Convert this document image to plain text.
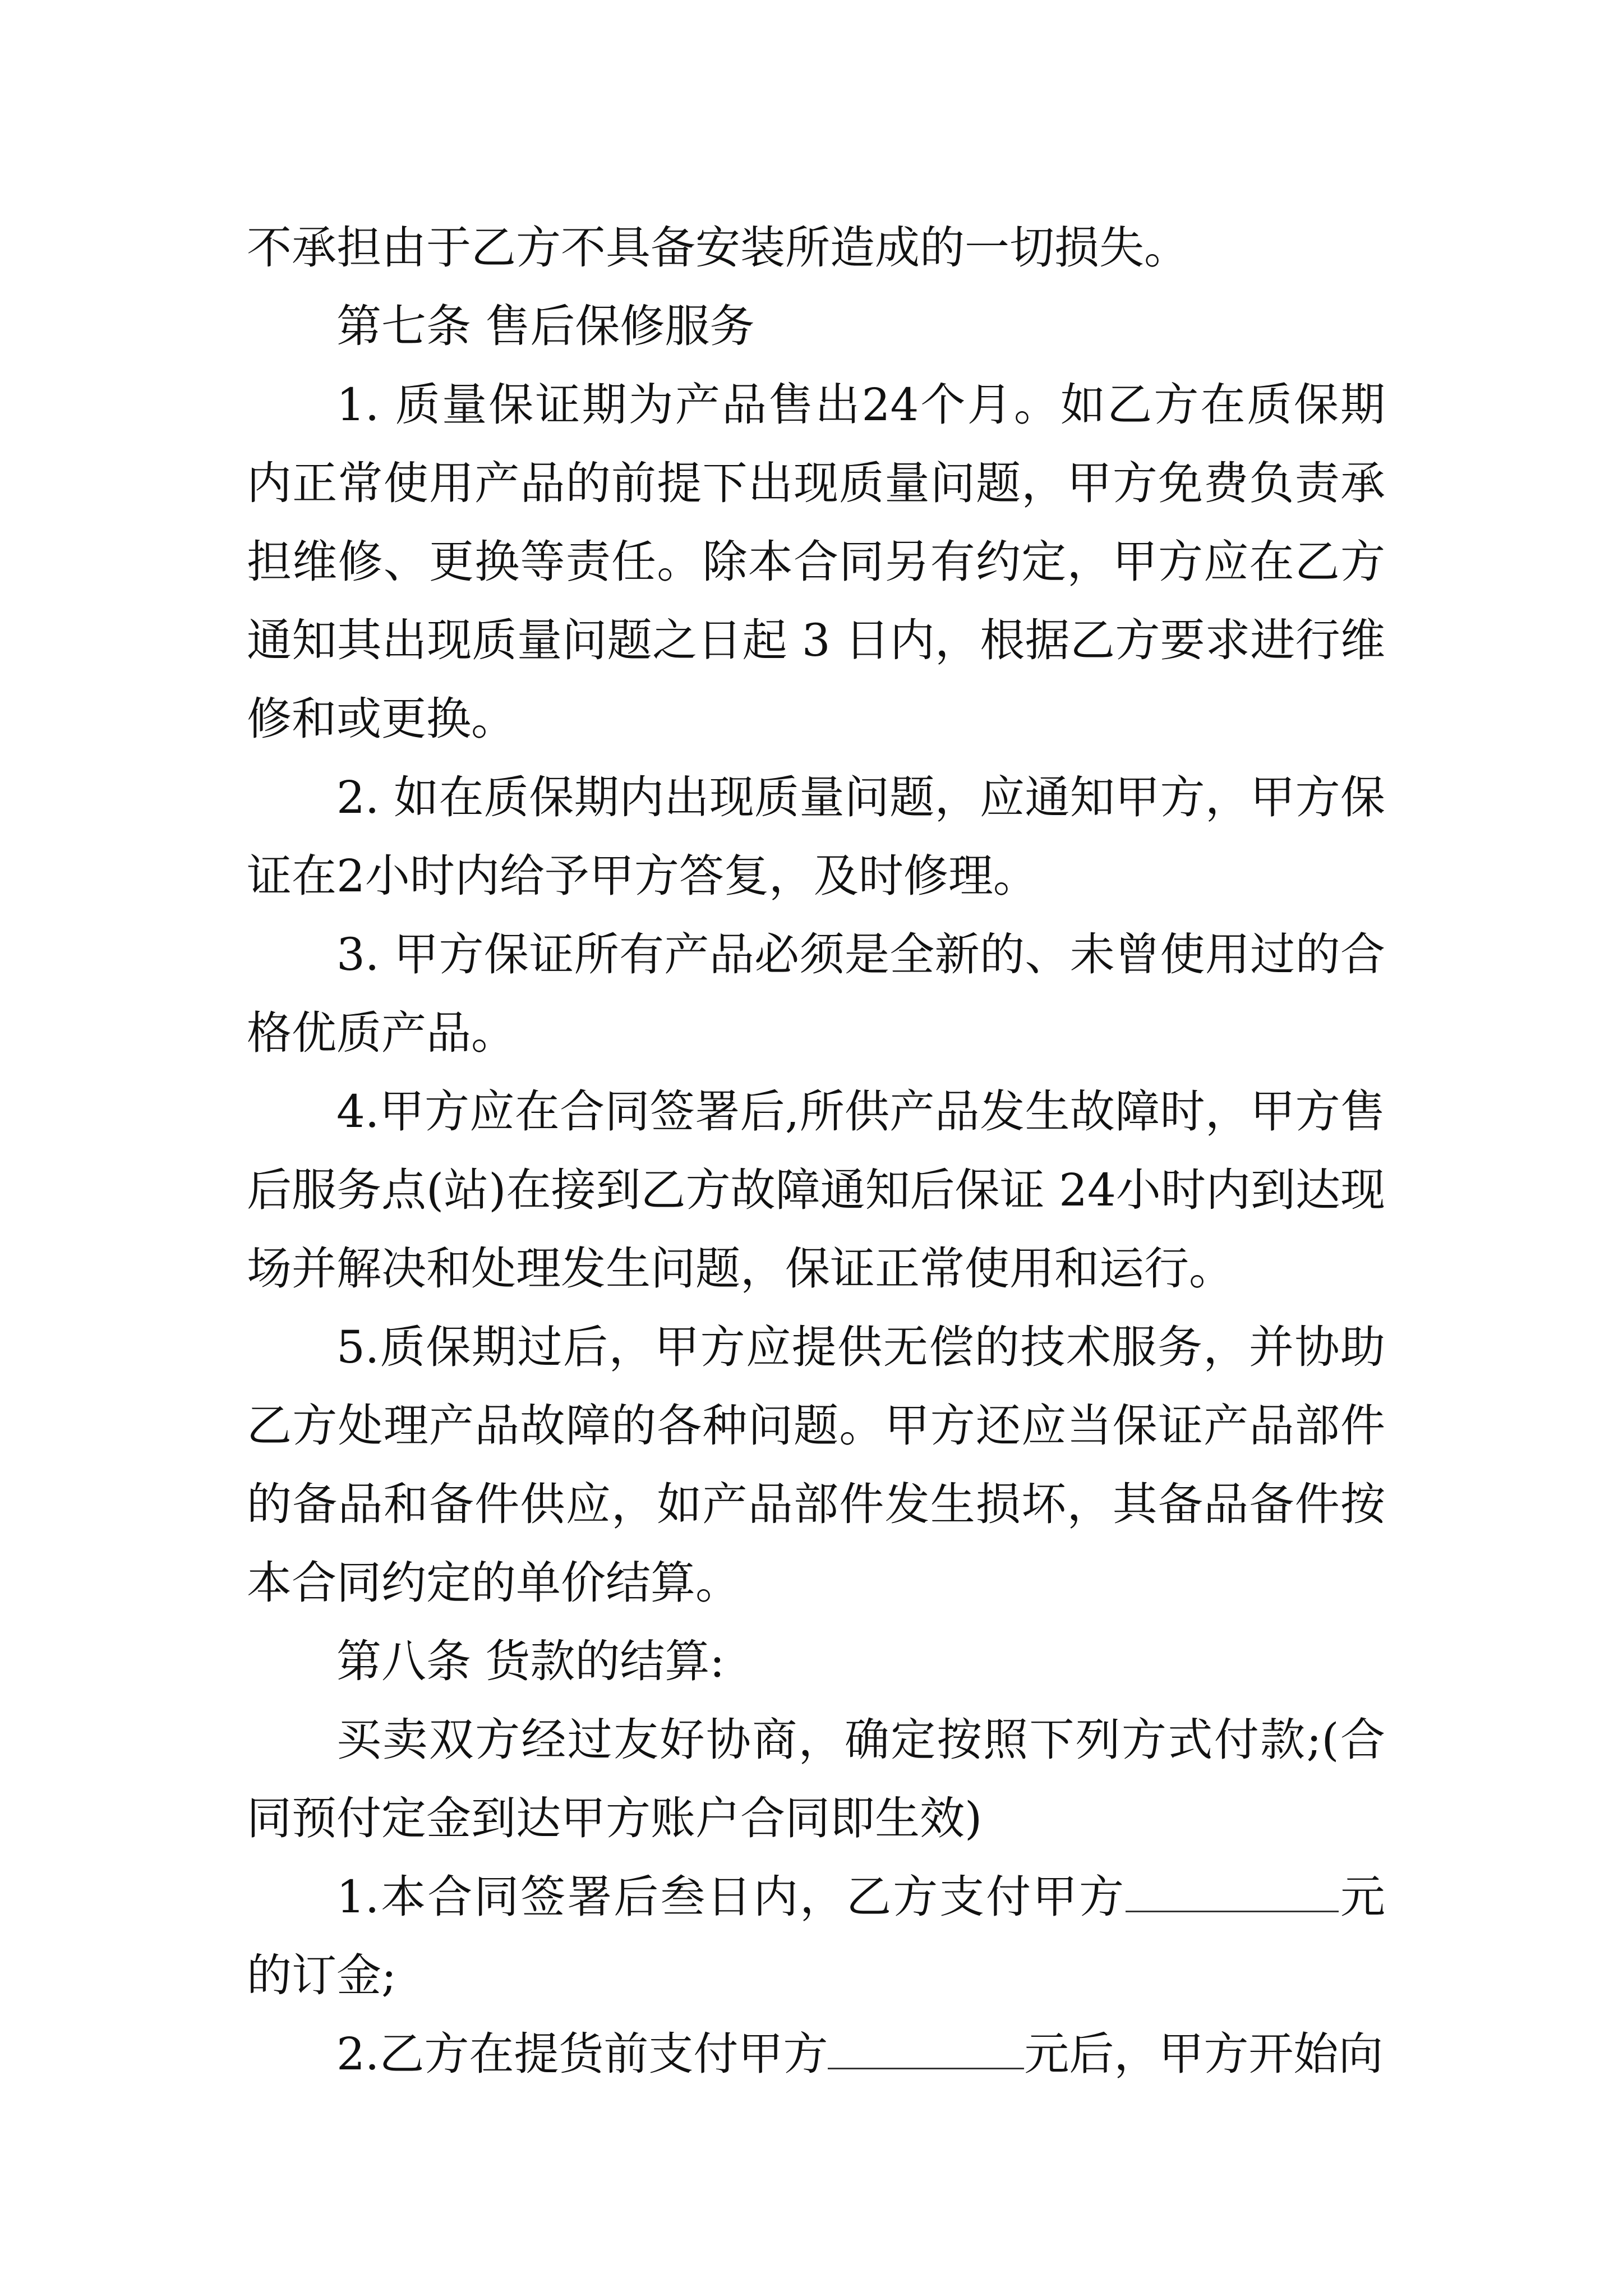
不承担由于乙方不具备安装所造成的一切损失。

第七条 售后保修服务

1. 质量保证期为产品售出24个月。如乙方在质保期内正常使用产品的前提下出现质量问题，甲方免费负责承担维修、更换等责任。除本合同另有约定，甲方应在乙方通知其出现质量问题之日起 3 日内，根据乙方要求进行维修和或更换。

2. 如在质保期内出现质量问题，应通知甲方，甲方保证在2小时内给予甲方答复，及时修理。

3. 甲方保证所有产品必须是全新的、未曾使用过的合格优质产品。

4.甲方应在合同签署后,所供产品发生故障时，甲方售后服务点(站)在接到乙方故障通知后保证 24小时内到达现场并解决和处理发生问题，保证正常使用和运行。

5.质保期过后，甲方应提供无偿的技术服务，并协助乙方处理产品故障的各种问题。甲方还应当保证产品部件的备品和备件供应，如产品部件发生损坏，其备品备件按本合同约定的单价结算。

第八条 货款的结算:

买卖双方经过友好协商，确定按照下列方式付款;(合同预付定金到达甲方账户合同即生效)

1.本合同签署后叁日内，乙方支付甲方	元的订金;

2.乙方在提货前支付甲方	元后，甲方开始向
